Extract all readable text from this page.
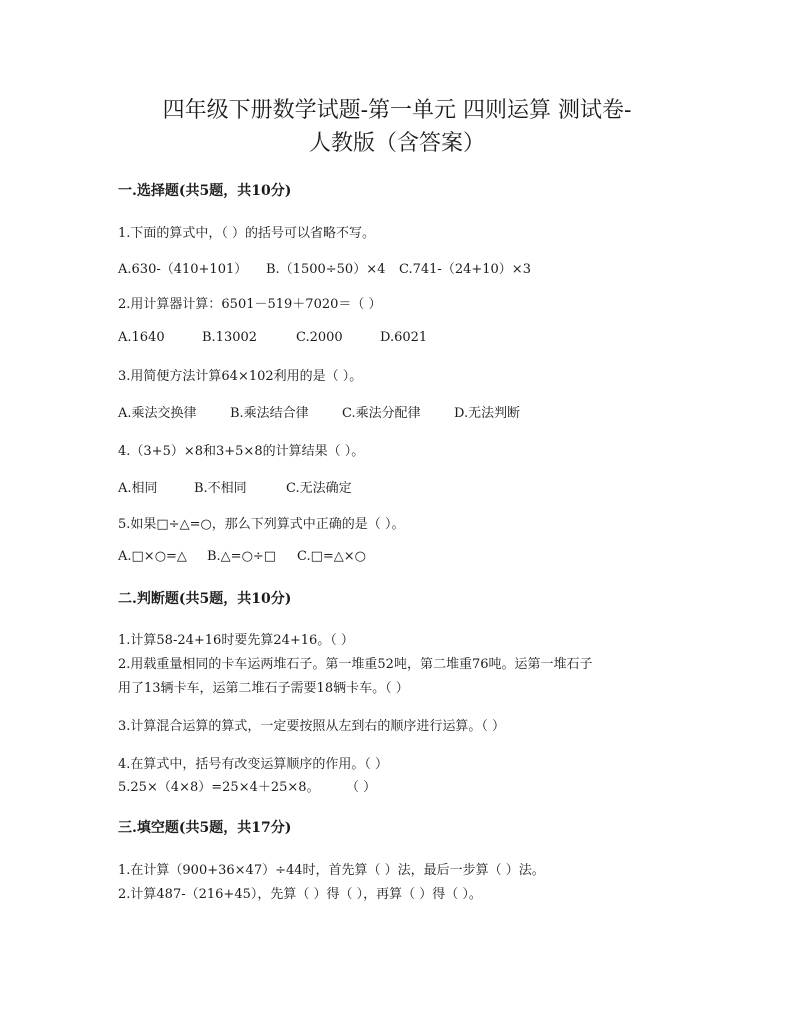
四年级下册数学试题-第一单元 四则运算 测试卷-
人教版（含答案）
一.选择题(共5题，共10分)
1.下面的算式中，（ ）的括号可以省略不写。
A.630-（410+101） B.（1500÷50）×4 C.741-（24+10）×3
2.用计算器计算：6501－519＋7020＝（ ）
A.1640	B.13002	C.2000	D.6021
3.用简便方法计算64×102利用的是（ ）。
A.乘法交换律	B.乘法结合律	C.乘法分配律	D.无法判断
4.（3+5）×8和3+5×8的计算结果（ ）。
A.相同	B.不相同	C.无法确定
5.如果□÷△=○，那么下列算式中正确的是（ ）。
A.□×○=△ B.△=○÷□ C.□=△×○
二.判断题(共5题，共10分)
1.计算58-24+16时要先算24+16。（ ）
2.用载重量相同的卡车运两堆石子。第一堆重52吨，第二堆重76吨。运第一堆石子
用了13辆卡车，运第二堆石子需要18辆卡车。（ ）
3.计算混合运算的算式，一定要按照从左到右的顺序进行运算。（ ）
4.在算式中，括号有改变运算顺序的作用。（ ）
5.25×（4×8）=25×4＋25×8。 （ ）
三.填空题(共5题，共17分)
1.在计算（900+36×47）÷44时，首先算（ ）法，最后一步算（ ）法。
2.计算487-（216+45），先算（ ）得（ ），再算（ ）得（ ）。
